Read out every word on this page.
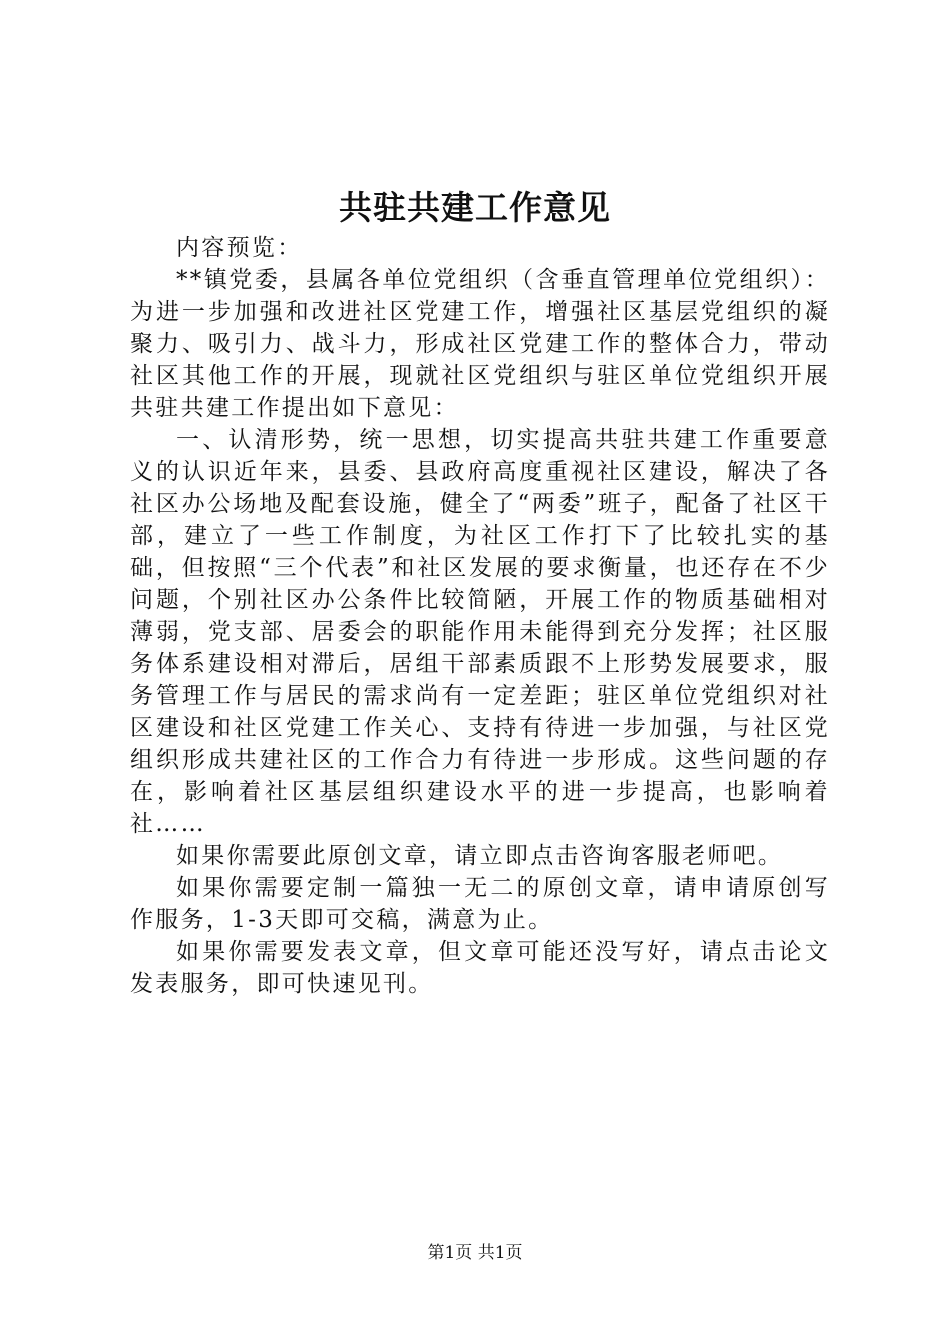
共驻共建工作意见

内容预览：

**镇党委，县属各单位党组织（含垂直管理单位党组织）：为进一步加强和改进社区党建工作，增强社区基层党组织的凝聚力、吸引力、战斗力，形成社区党建工作的整体合力，带动社区其他工作的开展，现就社区党组织与驻区单位党组织开展共驻共建工作提出如下意见：

一、认清形势，统一思想，切实提高共驻共建工作重要意义的认识近年来，县委、县政府高度重视社区建设，解决了各社区办公场地及配套设施，健全了“两委”班子，配备了社区干部，建立了一些工作制度，为社区工作打下了比较扎实的基础，但按照“三个代表”和社区发展的要求衡量，也还存在不少问题，个别社区办公条件比较简陋，开展工作的物质基础相对薄弱，党支部、居委会的职能作用未能得到充分发挥；社区服务体系建设相对滞后，居组干部素质跟不上形势发展要求，服务管理工作与居民的需求尚有一定差距；驻区单位党组织对社区建设和社区党建工作关心、支持有待进一步加强，与社区党组织形成共建社区的工作合力有待进一步形成。这些问题的存在，影响着社区基层组织建设水平的进一步提高，也影响着社……

如果你需要此原创文章，请立即点击咨询客服老师吧。

如果你需要定制一篇独一无二的原创文章，请申请原创写作服务，1-3天即可交稿，满意为止。

如果你需要发表文章，但文章可能还没写好，请点击论文发表服务，即可快速见刊。

第1页 共1页
